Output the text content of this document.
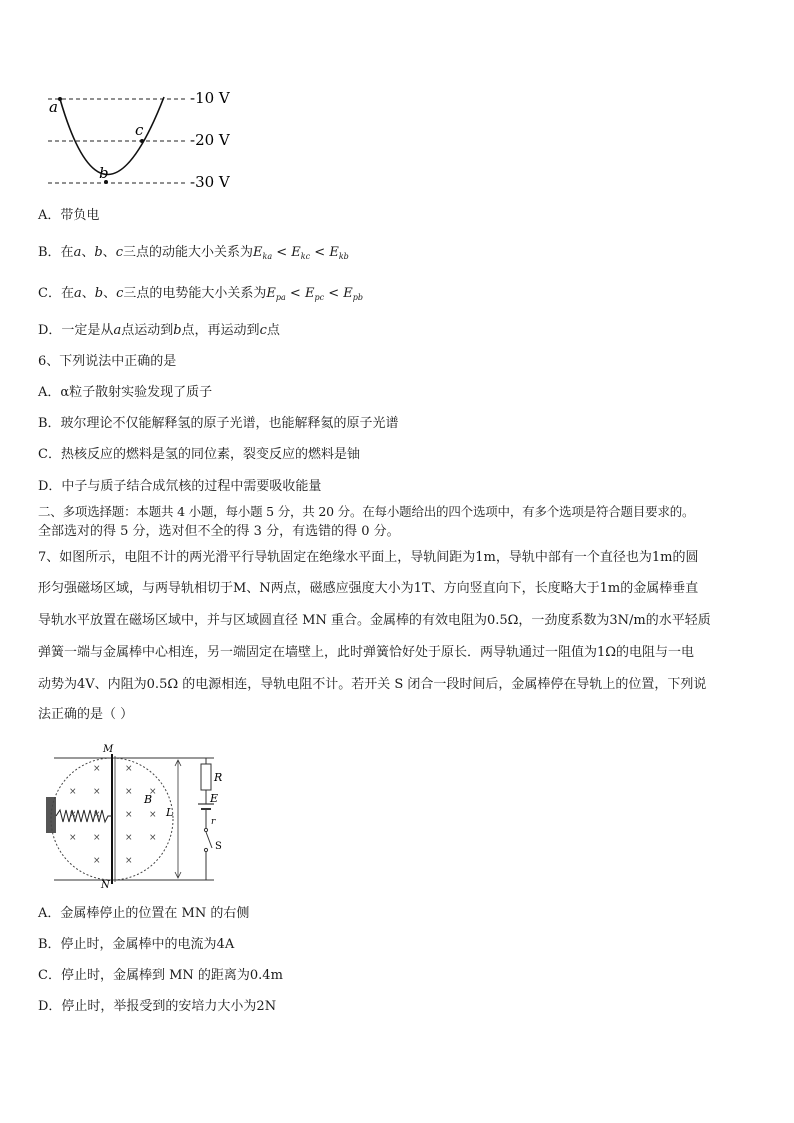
a
c
b
-10 V
-20 V
-30 V
A．带负电
B．在a、b、c三点的动能大小关系为$E_{ka} < E_{kc} < E_{kb}$
C．在a、b、c三点的电势能大小关系为$E_{pa} < E_{pc} < E_{pb}$
D．一定是从a点运动到b点，再运动到c点
6、下列说法中正确的是
A．α粒子散射实验发现了质子
B．玻尔理论不仅能解释氢的原子光谱，也能解释氦的原子光谱
C．热核反应的燃料是氢的同位素，裂变反应的燃料是铀
D．中子与质子结合成氘核的过程中需要吸收能量
二、多项选择题：本题共 4 小题，每小题 5 分，共 20 分。在每小题给出的四个选项中，有多个选项是符合题目要求的。
全部选对的得 5 分，选对但不全的得 3 分，有选错的得 0 分。
7、如图所示，电阻不计的两光滑平行导轨固定在绝缘水平面上，导轨间距为1m，导轨中部有一个直径也为1m的圆
形匀强磁场区域，与两导轨相切于M、N两点，磁感应强度大小为1T、方向竖直向下，长度略大于1m的金属棒垂直
导轨水平放置在磁场区域中，并与区域圆直径 MN 重合。金属棒的有效电阻为0.5Ω，一劲度系数为3N/m的水平轻质
弹簧一端与金属棒中心相连，另一端固定在墙壁上，此时弹簧恰好处于原长．两导轨通过一阻值为1Ω的电阻与一电
动势为4V、内阻为0.5Ω 的电源相连，导轨电阻不计。若开关 S 闭合一段时间后，金属棒停在导轨上的位置，下列说
法正确的是（ ）
×
×
×
×
×
×
×
×
×
×
×
×
×
×
×
×
M
N
B
L
R
E
r
S
A．金属棒停止的位置在 MN 的右侧
B．停止时，金属棒中的电流为4A
C．停止时，金属棒到 MN 的距离为0.4m
D．停止时，举报受到的安培力大小为2N
